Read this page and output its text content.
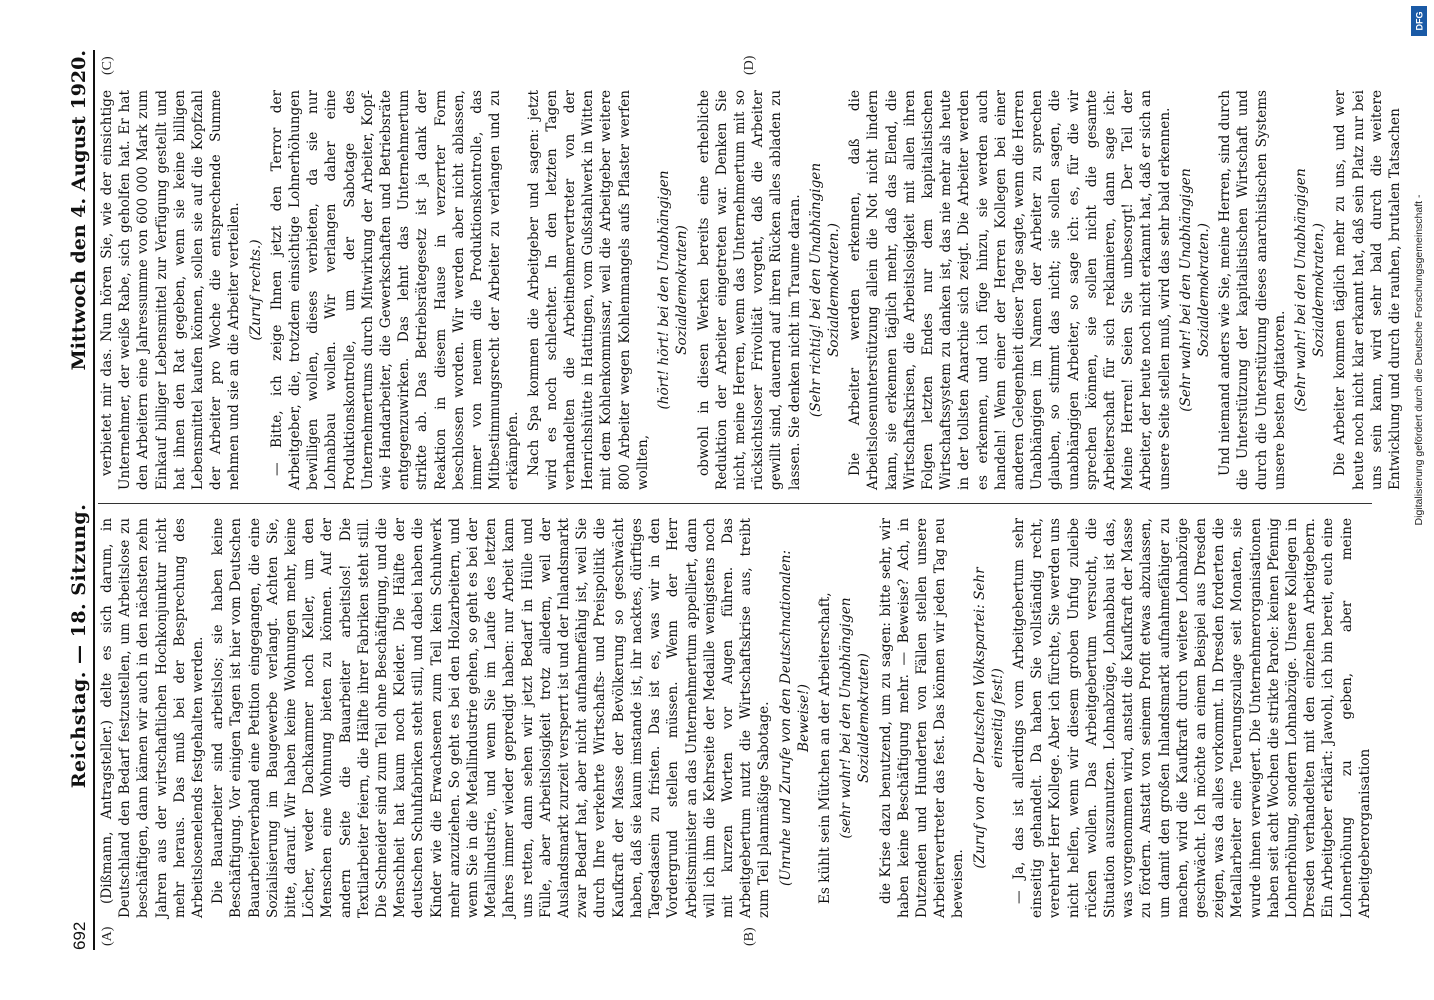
692
Reichstag. — 18. Sitzung.
Mittwoch den 4. August 1920.
(A)	(B)
(C)	(D)

(Dißmann, Antragsteller.) delte es sich darum, in Deutschland den Bedarf festzustellen, um Arbeitslose zu beschäftigen, dann kämen wir auch in den nächsten zehn Jahren aus der wirtschaftlichen Hochkonjunktur nicht mehr heraus. Das muß bei der Besprechung des Arbeitslosenelends festgehalten werden. Die Bauarbeiter sind arbeitslos; sie haben keine Beschäftigung. Vor einigen Tagen ist hier vom Deutschen Bauarbeiterverband eine Petition eingegangen, die eine Sozialisierung im Baugewerbe verlangt. Achten Sie, bitte, darauf. Wir haben keine Wohnungen mehr, keine Löcher, weder Dachkammer noch Keller, um den Menschen eine Wohnung bieten zu können. Auf der andern Seite die Bauarbeiter arbeitslos! Die Textilarbeiter feiern, die Hälfte ihrer Fabriken steht still. Die Schneider sind zum Teil ohne Beschäftigung, und die Menschheit hat kaum noch Kleider. Die Hälfte der deutschen Schuhfabriken steht still, und dabei haben die Kinder wie die Erwachsenen zum Teil kein Schuhwerk mehr anzuziehen. So geht es bei den Holzarbeitern, und wenn Sie in die Metallindustrie gehen, so geht es bei der Metallindustrie, und wenn Sie im Laufe des letzten Jahres immer wieder gepredigt haben: nur Arbeit kann uns retten, dann sehen wir jetzt Bedarf in Hülle und Fülle, aber Arbeitslosigkeit trotz alledem, weil der Auslandsmarkt zurzeit versperrt ist und der Inlandsmarkt zwar Bedarf hat, aber nicht aufnahmefähig ist, weil Sie durch Ihre verkehrte Wirtschafts- und Preispolitik die Kaufkraft der Masse der Bevölkerung so geschwächt haben, daß sie kaum imstande ist, ihr nacktes, dürftiges Tagesdasein zu fristen. Das ist es, was wir in den Vordergrund stellen müssen. Wenn der Herr Arbeitsminister an das Unternehmertum appelliert, dann will ich ihm die Kehrseite der Medaille wenigstens noch mit kurzen Worten vor Augen führen. Das Arbeitgebertum nutzt die Wirtschaftskrise aus, treibt zum Teil planmäßige Sabotage. (Unruhe und Zurufe von den Deutschnationalen: Beweise!) Es kühlt sein Mütchen an der Arbeiterschaft, (sehr wahr! bei den Unabhängigen Sozialdemokraten) die Krise dazu benutzend, um zu sagen: bitte sehr, wir haben keine Beschäftigung mehr. — Beweise? Ach, in Dutzenden und Hunderten von Fällen stellen unsere Arbeitervertreter das fest. Das können wir jeden Tag neu beweisen.

(Zuruf von der Deutschen Volkspartei: Sehr einseitig fest!) — Ja, das ist allerdings vom Arbeitgebertum sehr einseitig gehandelt. Da haben Sie vollständig recht, verehrter Herr Kollege. Aber ich fürchte, Sie werden uns nicht helfen, wenn wir diesem groben Unfug zuleibe rücken wollen. Das Arbeitgebertum versucht, die Situation auszunutzen. Lohnabzüge, Lohnabbau ist das, was vorgenommen wird, anstatt die Kaufkraft der Masse zu fördern. Anstatt von seinem Profit etwas abzulassen, um damit den großen Inlandsmarkt aufnahmefähiger zu machen, wird die Kaufkraft durch weitere Lohnabzüge geschwächt. Ich möchte an einem Beispiel aus Dresden zeigen, was da alles vorkommt. In Dresden forderten die Metallarbeiter eine Teuerungszulage seit Monaten, sie wurde ihnen verweigert. Die Unternehmerorganisationen haben seit acht Wochen die strikte Parole: keinen Pfennig Lohnerhöhung, sondern Lohnabzüge. Unsere Kollegen in Dresden verhandelten mit den einzelnen Arbeitgebern. Ein Arbeitgeber erklärt: Jawohl, ich bin bereit, euch eine Lohnerhöhung zu geben, aber meine Arbeitgeberorganisation

verbietet mir das. Nun hören Sie, wie der einsichtige Unternehmer, der weiße Rabe, sich geholfen hat. Er hat den Arbeitern eine Jahressumme von 600 000 Mark zum Einkauf billiger Lebensmittel zur Verfügung gestellt und hat ihnen den Rat gegeben, wenn sie keine billigen Lebensmittel kaufen können, sollen sie auf die Kopfzahl der Arbeiter pro Woche die entsprechende Summe nehmen und sie an die Arbeiter verteilen. (Zuruf rechts.) — Bitte, ich zeige Ihnen jetzt den Terror der Arbeitgeber, die, trotzdem einsichtige Lohnerhöhungen bewilligen wollen, dieses verbieten, da sie nur Lohnabbau wollen. Wir verlangen daher eine Produktionskontrolle, um der Sabotage des Unternehmertums durch Mitwirkung der Arbeiter, Kopf- wie Handarbeiter, die Gewerkschaften und Betriebsräte entgegenzuwirken. Das lehnt das Unternehmertum strikte ab. Das Betriebsrätegesetz ist ja dank der Reaktion in diesem Hause in verzerrter Form beschlossen worden. Wir werden aber nicht ablassen, immer von neuem die Produktionskontrolle, das Mitbestimmungsrecht der Arbeiter zu verlangen und zu erkämpfen. Nach Spa kommen die Arbeitgeber und sagen: jetzt wird es noch schlechter. In den letzten Tagen verhandelten die Arbeitnehmervertreter von der Henrichshütte in Hattingen, vom Gußstahlwerk in Witten mit dem Kohlenkommissar, weil die Arbeitgeber weitere 800 Arbeiter wegen Kohlenmangels aufs Pflaster werfen wollten,

(hört! hört! bei den Unabhängigen Sozialdemokraten) obwohl in diesen Werken bereits eine erhebliche Reduktion der Arbeiter eingetreten war. Denken Sie nicht, meine Herren, wenn das Unternehmertum mit so rücksichtsloser Frivolität vorgeht, daß die Arbeiter gewillt sind, dauernd auf ihren Rücken alles abladen zu lassen. Sie denken nicht im Traume daran. (Sehr richtig! bei den Unabhängigen Sozialdemokraten.) Die Arbeiter werden erkennen, daß die Arbeitslosenunterstützung allein die Not nicht lindern kann, sie erkennen täglich mehr, daß das Elend, die Wirtschaftskrisen, die Arbeitslosigkeit mit allen ihren Folgen letzten Endes nur dem kapitalistischen Wirtschaftssystem zu danken ist, das nie mehr als heute in der tollsten Anarchie sich zeigt. Die Arbeiter werden es erkennen, und ich füge hinzu, sie werden auch handeln! Wenn einer der Herren Kollegen bei einer anderen Gelegenheit dieser Tage sagte, wenn die Herren Unabhängigen im Namen der Arbeiter zu sprechen glauben, so stimmt das nicht; sie sollen sagen, die unabhängigen Arbeiter, so sage ich: es, für die wir sprechen können, sie sollen nicht die gesamte Arbeiterschaft für sich reklamieren, dann sage ich: Meine Herren! Seien Sie unbesorgt! Der Teil der Arbeiter, der heute noch nicht erkannt hat, daß er sich an unsere Seite stellen muß, wird das sehr bald erkennen. (Sehr wahr! bei den Unabhängigen Sozialdemokraten.) Und niemand anders wie Sie, meine Herren, sind durch die Unterstützung der kapitalistischen Wirtschaft und durch die Unterstützung dieses anarchistischen Systems unsere besten Agitatoren. (Sehr wahr! bei den Unabhängigen Sozialdemokraten.) Die Arbeiter kommen täglich mehr zu uns, und wer heute noch nicht klar erkannt hat, daß sein Platz nur bei uns sein kann, wird sehr bald durch die weitere Entwicklung und durch die rauhen, brutalen Tatsachen

DFG
Digitalisierung gefördert durch die Deutsche Forschungsgemeinschaft -
